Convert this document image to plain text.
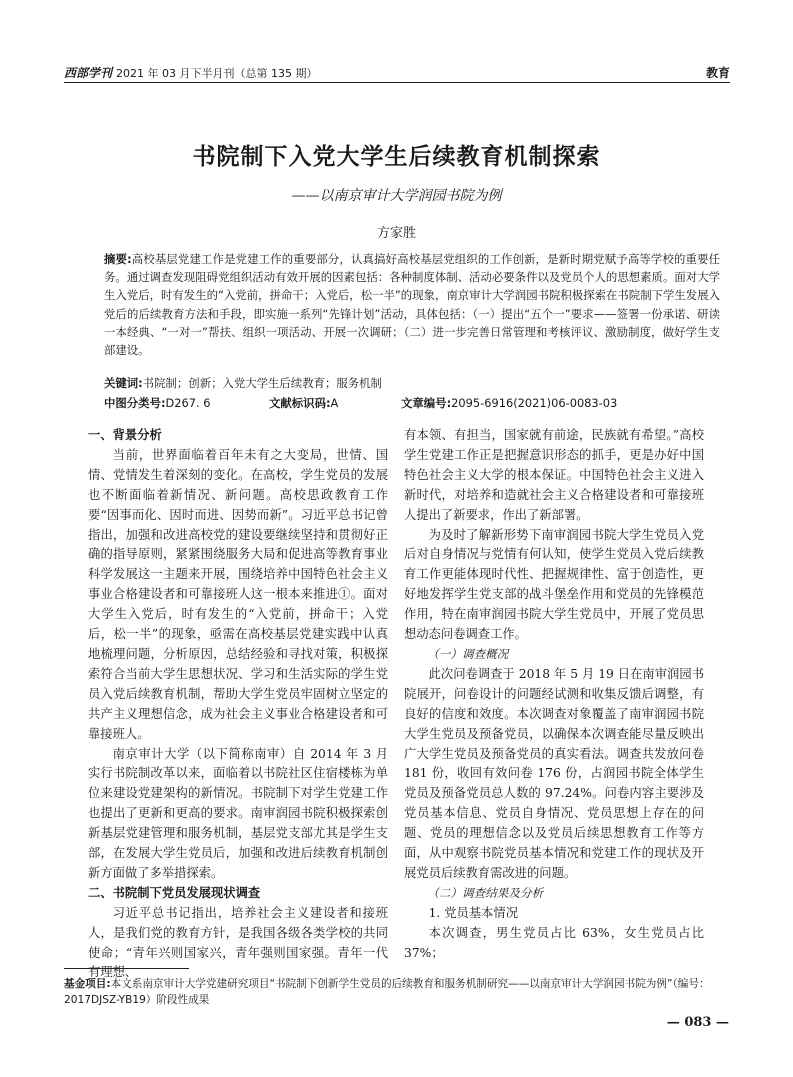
西部学刊 2021 年 03 月下半月刊（总第 135 期）	教育
书院制下入党大学生后续教育机制探索
——以南京审计大学润园书院为例
方家胜
摘要:高校基层党建工作是党建工作的重要部分，认真搞好高校基层党组织的工作创新，是新时期党赋予高等学校的重要任务。通过调查发现阻碍党组织活动有效开展的因素包括：各种制度体制、活动必要条件以及党员个人的思想素质。面对大学生入党后，时有发生的“入党前，拼命干；入党后，松一半”的现象，南京审计大学润园书院积极探索在书院制下学生发展入党后的后续教育方法和手段，即实施一系列“先锋计划”活动，具体包括：（一）提出“五个一”要求——签署一份承诺、研读一本经典、“一对一”帮扶、组织一项活动、开展一次调研；（二）进一步完善日常管理和考核评议、激励制度，做好学生支部建设。
关键词:书院制；创新；入党大学生后续教育；服务机制
中图分类号:D267. 6	文献标识码:A	文章编号:2095-6916(2021)06-0083-03
一、背景分析

当前，世界面临着百年未有之大变局，世情、国情、党情发生着深刻的变化。在高校，学生党员的发展也不断面临着新情况、新问题。高校思政教育工作要“因事而化、因时而进、因势而新”。习近平总书记曾指出，加强和改进高校党的建设要继续坚持和贯彻好正确的指导原则，紧紧围绕服务大局和促进高等教育事业科学发展这一主题来开展，围绕培养中国特色社会主义事业合格建设者和可靠接班人这一根本来推进①。面对大学生入党后，时有发生的“入党前，拼命干；入党后，松一半”的现象，亟需在高校基层党建实践中认真地梳理问题，分析原因，总结经验和寻找对策，积极探索符合当前大学生思想状况、学习和生活实际的学生党员入党后续教育机制，帮助大学生党员牢固树立坚定的共产主义理想信念，成为社会主义事业合格建设者和可靠接班人。

南京审计大学（以下简称南审）自 2014 年 3 月实行书院制改革以来，面临着以书院社区住宿楼栋为单位来建设党建架构的新情况。书院制下对学生党建工作也提出了更新和更高的要求。南审润园书院积极探索创新基层党建管理和服务机制，基层党支部尤其是学生支部，在发展大学生党员后，加强和改进后续教育机制创新方面做了多举措探索。

二、书院制下党员发展现状调查

习近平总书记指出，培养社会主义建设者和接班人，是我们党的教育方针，是我国各级各类学校的共同使命；“青年兴则国家兴，青年强则国家强。青年一代有理想、

有本领、有担当，国家就有前途，民族就有希望。”高校学生党建工作正是把握意识形态的抓手，更是办好中国特色社会主义大学的根本保证。中国特色社会主义进入新时代，对培养和造就社会主义合格建设者和可靠接班人提出了新要求，作出了新部署。

为及时了解新形势下南审润园书院大学生党员入党后对自身情况与党情有何认知，使学生党员入党后续教育工作更能体现时代性、把握规律性、富于创造性，更好地发挥学生党支部的战斗堡垒作用和党员的先锋模范作用，特在南审润园书院大学生党员中，开展了党员思想动态问卷调查工作。

（一）调查概况

此次问卷调查于 2018 年 5 月 19 日在南审润园书院展开，问卷设计的问题经试测和收集反馈后调整，有良好的信度和效度。本次调查对象覆盖了南审润园书院大学生党员及预备党员，以确保本次调查能尽量反映出广大学生党员及预备党员的真实看法。调查共发放问卷 181 份，收回有效问卷 176 份，占润园书院全体学生党员及预备党员总人数的 97.24%。问卷内容主要涉及党员基本信息、党员自身情况、党员思想上存在的问题、党员的理想信念以及党员后续思想教育工作等方面，从中观察书院党员基本情况和党建工作的现状及开展党员后续教育需改进的问题。

（二）调查结果及分析
1. 党员基本情况

本次调查，男生党员占比 63%，女生党员占比 37%；

基金项目:本文系南京审计大学党建研究项目“书院制下创新学生党员的后续教育和服务机制研究——以南京审计大学润园书院为例”（编号：2017DJSZ-YB19）阶段性成果
— 083 —
